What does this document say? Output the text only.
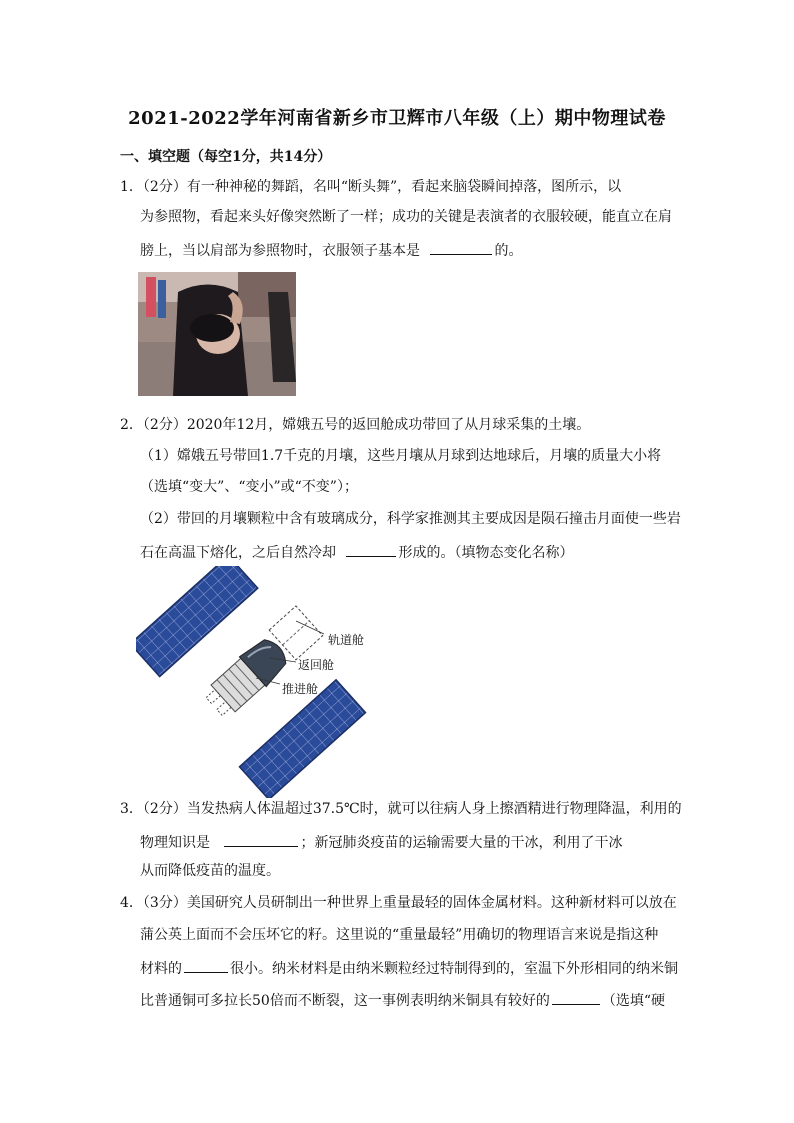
2021-2022学年河南省新乡市卫辉市八年级（上）期中物理试卷
一、填空题（每空1分，共14分）
1．（2分）有一种神秘的舞蹈，名叫“断头舞”，看起来脑袋瞬间掉落，图所示，以
为参照物，看起来头好像突然断了一样；成功的关键是表演者的衣服较硬，能直立在肩
膀上，当以肩部为参照物时，衣服领子基本是	的。
2．（2分）2020年12月，嫦娥五号的返回舱成功带回了从月球采集的土壤。
（1）嫦娥五号带回1.7千克的月壤，这些月壤从月球到达地球后，月壤的质量大小将
（选填“变大”、“变小”或“不变”）；
（2）带回的月壤颗粒中含有玻璃成分，科学家推测其主要成因是陨石撞击月面使一些岩
石在高温下熔化，之后自然冷却	形成的。（填物态变化名称）
轨道舱
返回舱
推进舱
3．（2分）当发热病人体温超过37.5℃时，就可以往病人身上擦酒精进行物理降温，利用的
物理知识是	；新冠肺炎疫苗的运输需要大量的干冰，利用了干冰
从而降低疫苗的温度。
4．（3分）美国研究人员研制出一种世界上重量最轻的固体金属材料。这种新材料可以放在
蒲公英上面而不会压坏它的籽。这里说的“重量最轻”用确切的物理语言来说是指这种
材料的	很小。纳米材料是由纳米颗粒经过特制得到的，室温下外形相同的纳米铜
比普通铜可多拉长50倍而不断裂，这一事例表明纳米铜具有较好的	（选填“硬
